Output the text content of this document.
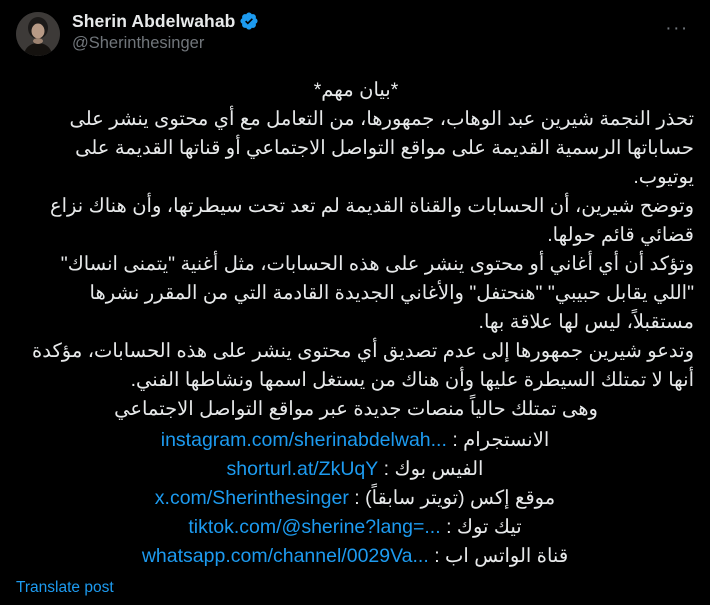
Sherin Abdelwahab
@Sherinthesinger
···

*بيان مهم*

تحذر النجمة شيرين عبد الوهاب، جمهورها، من التعامل مع أي محتوى ينشر على حساباتها الرسمية القديمة على مواقع التواصل الاجتماعي أو قناتها القديمة على يوتيوب.

وتوضح شيرين، أن الحسابات والقناة القديمة لم تعد تحت سيطرتها، وأن هناك نزاع قضائي قائم حولها.

وتؤكد أن أي أغاني أو محتوى ينشر على هذه الحسابات، مثل أغنية "يتمنى انساك" "اللي يقابل حبيبي" "هنحتفل" والأغاني الجديدة القادمة التي من المقرر نشرها مستقبلاً، ليس لها علاقة بها.

وتدعو شيرين جمهورها إلى عدم تصديق أي محتوى ينشر على هذه الحسابات، مؤكدة أنها لا تمتلك السيطرة عليها وأن هناك من يستغل اسمها ونشاطها الفني.

وهى تمتلك حالياً منصات جديدة عبر مواقع التواصل الاجتماعي

الانستجرام : instagram.com/sherinabdelwah...
الفيس بوك : shorturl.at/ZkUqY
موقع إكس (تويتر سابقاً) : x.com/Sherinthesinger
تيك توك : tiktok.com/@sherine?lang=...
قناة الواتس اب : whatsapp.com/channel/0029Va...
Translate post
